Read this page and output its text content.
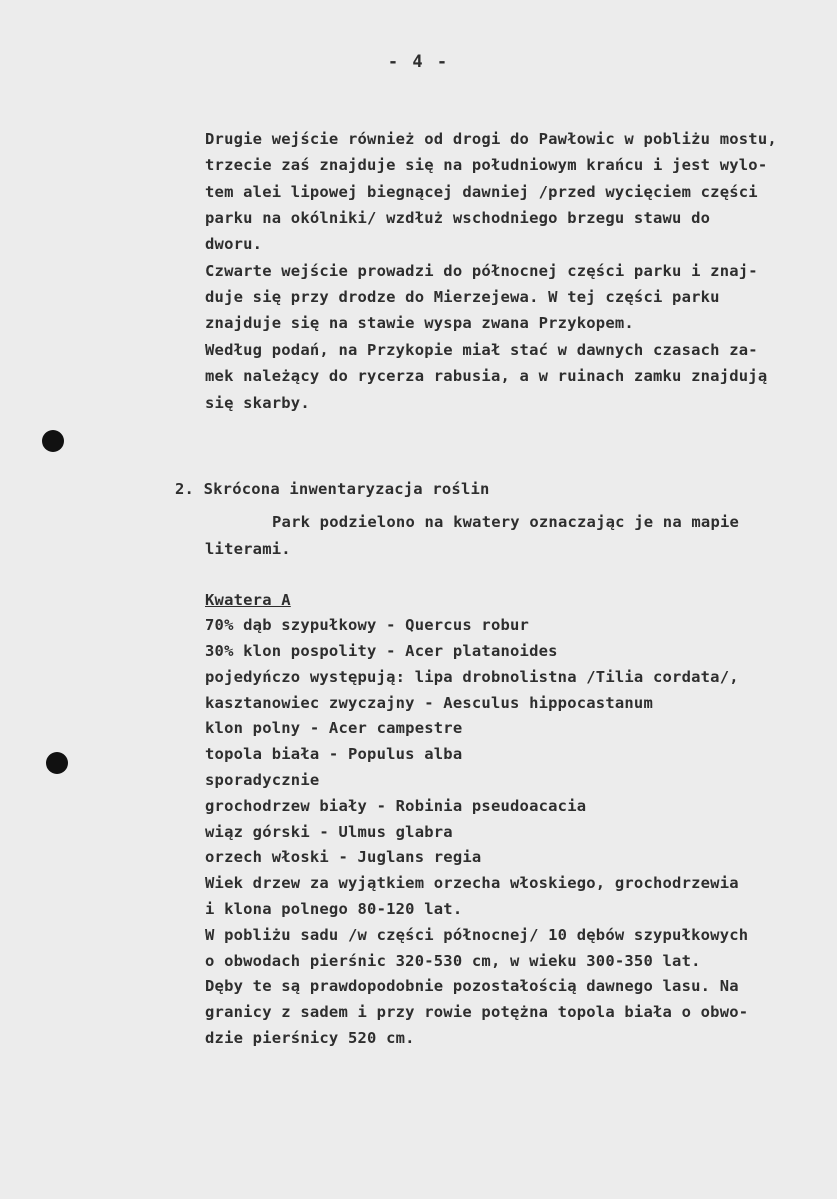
- 4 -
Drugie wejście również od drogi do Pawłowic w pobliżu mostu,
trzecie zaś znajduje się na południowym krańcu i jest wylo-
tem alei lipowej biegnącej dawniej /przed wycięciem części
parku na okólniki/ wzdłuż wschodniego brzegu stawu do
dworu.
Czwarte wejście prowadzi do północnej części parku i znaj-
duje się przy drodze do Mierzejewa. W tej części parku
znajduje się na stawie wyspa zwana Przykopem.
Według podań, na Przykopie miał stać w dawnych czasach za-
mek należący do rycerza rabusia, a w ruinach zamku znajdują
się skarby.
2. Skrócona inwentaryzacja roślin
Park podzielono na kwatery oznaczając je na mapie
literami.
Kwatera A
70% dąb szypułkowy - Quercus robur
30% klon pospolity - Acer platanoides
pojedyńczo występują: lipa drobnolistna /Tilia cordata/,
kasztanowiec zwyczajny - Aesculus hippocastanum
klon polny - Acer campestre
topola biała - Populus alba
sporadycznie
grochodrzew biały - Robinia pseudoacacia
wiąz górski - Ulmus glabra
orzech włoski - Juglans regia
Wiek drzew za wyjątkiem orzecha włoskiego, grochodrzewia
i klona polnego 80-120 lat.
W pobliżu sadu /w części północnej/ 10 dębów szypułkowych
o obwodach pierśnic 320-530 cm, w wieku 300-350 lat.
Dęby te są prawdopodobnie pozostałością dawnego lasu. Na
granicy z sadem i przy rowie potężna topola biała o obwo-
dzie pierśnicy 520 cm.
